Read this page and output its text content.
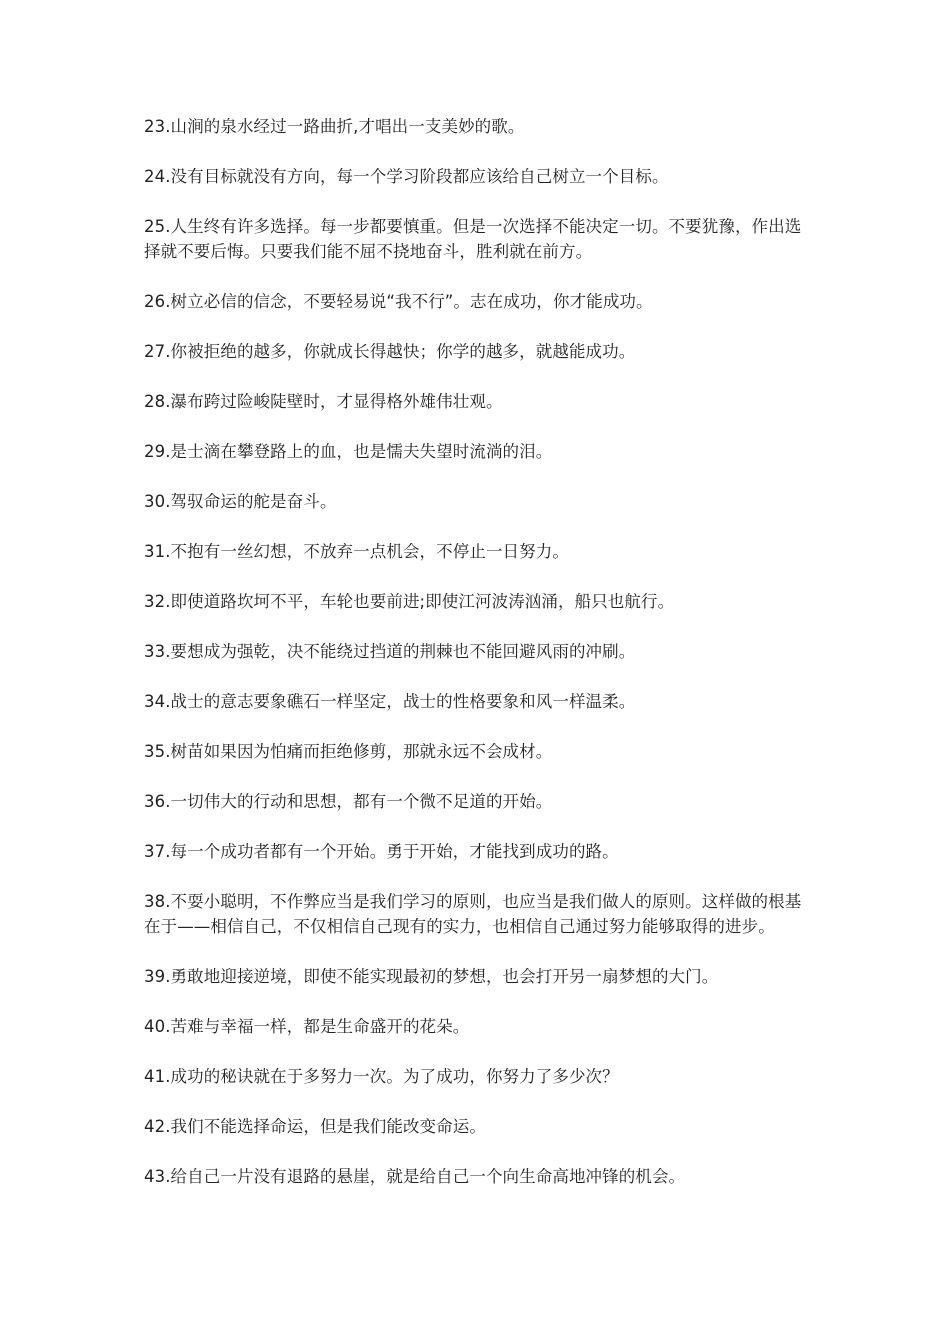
23.山涧的泉水经过一路曲折,才唱出一支美妙的歌。

24.没有目标就没有方向，每一个学习阶段都应该给自己树立一个目标。

25.人生终有许多选择。每一步都要慎重。但是一次选择不能决定一切。不要犹豫，作出选择就不要后悔。只要我们能不屈不挠地奋斗，胜利就在前方。

26.树立必信的信念，不要轻易说“我不行”。志在成功，你才能成功。

27.你被拒绝的越多，你就成长得越快；你学的越多，就越能成功。

28.瀑布跨过险峻陡壁时，才显得格外雄伟壮观。

29.是士滴在攀登路上的血，也是懦夫失望时流淌的泪。

30.驾驭命运的舵是奋斗。

31.不抱有一丝幻想，不放弃一点机会，不停止一日努力。

32.即使道路坎坷不平，车轮也要前进;即使江河波涛汹涌，船只也航行。

33.要想成为强乾，决不能绕过挡道的荆棘也不能回避风雨的冲刷。

34.战士的意志要象礁石一样坚定，战士的性格要象和风一样温柔。

35.树苗如果因为怕痛而拒绝修剪，那就永远不会成材。

36.一切伟大的行动和思想，都有一个微不足道的开始。

37.每一个成功者都有一个开始。勇于开始，才能找到成功的路。

38.不耍小聪明，不作弊应当是我们学习的原则，也应当是我们做人的原则。这样做的根基在于——相信自己，不仅相信自己现有的实力，也相信自己通过努力能够取得的进步。

39.勇敢地迎接逆境，即使不能实现最初的梦想，也会打开另一扇梦想的大门。

40.苦难与幸福一样，都是生命盛开的花朵。

41.成功的秘诀就在于多努力一次。为了成功，你努力了多少次？

42.我们不能选择命运，但是我们能改变命运。

43.给自己一片没有退路的悬崖，就是给自己一个向生命高地冲锋的机会。
